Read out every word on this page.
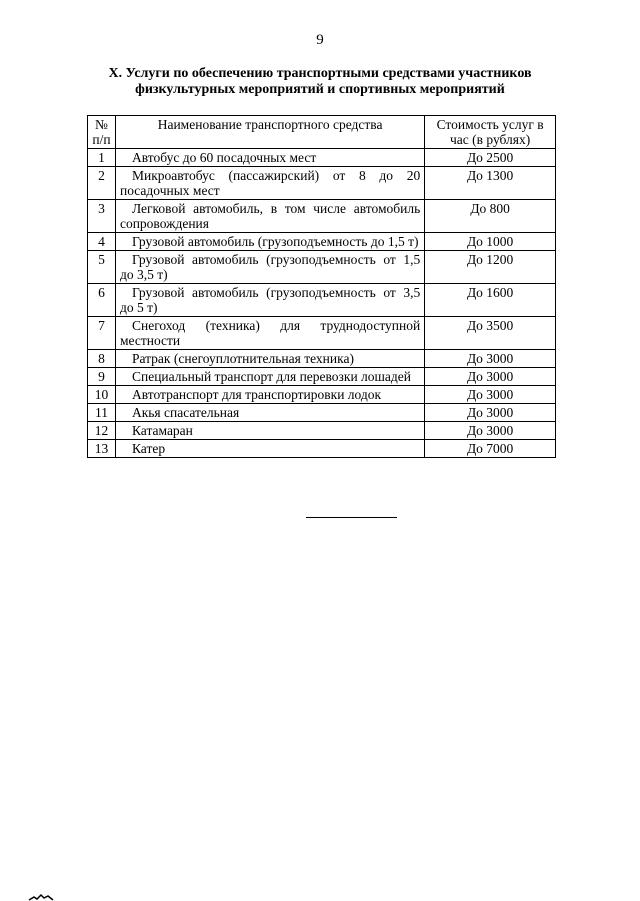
9
X. Услуги по обеспечению транспортными средствами участников
физкультурных мероприятий и спортивных мероприятий
№ п/п	Наименование транспортного средства	Стоимость услуг в час (в рублях)
1	Автобус до 60 посадочных мест	До 2500
2	Микроавтобус (пассажирский) от 8 до 20 посадочных мест	До 1300
3	Легковой автомобиль, в том числе автомобиль сопровождения	До 800
4	Грузовой автомобиль (грузоподъемность до 1,5 т)	До 1000
5	Грузовой автомобиль (грузоподъемность от 1,5 до 3,5 т)	До 1200
6	Грузовой автомобиль (грузоподъемность от 3,5 до 5 т)	До 1600
7	Снегоход (техника) для труднодоступной местности	До 3500
8	Ратрак (снегоуплотнительная техника)	До 3000
9	Специальный транспорт для перевозки лошадей	До 3000
10	Автотранспорт для транспортировки лодок	До 3000
11	Акья спасательная	До 3000
12	Катамаран	До 3000
13	Катер	До 7000
